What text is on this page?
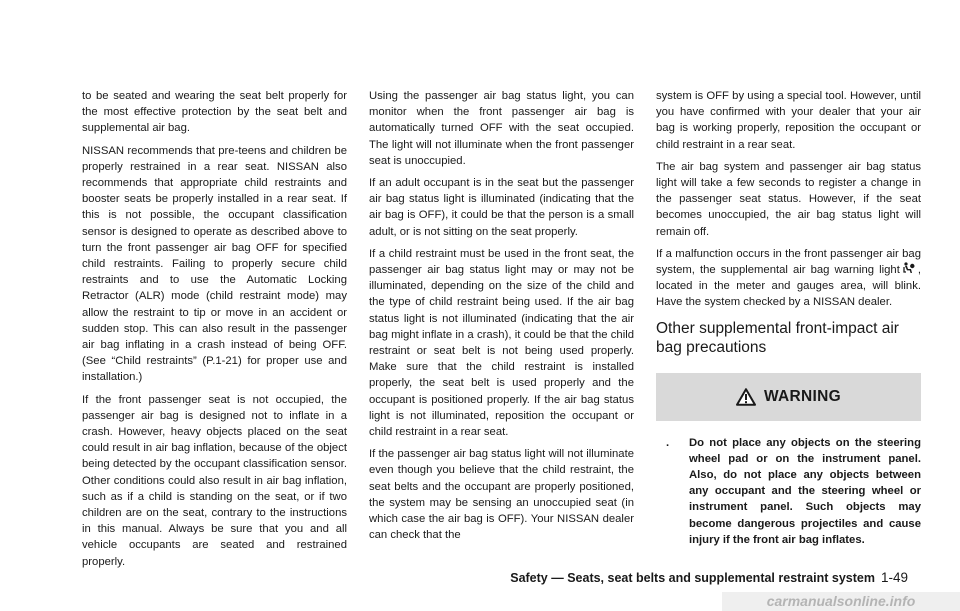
to be seated and wearing the seat belt properly for the most effective protection by the seat belt and supplemental air bag.

NISSAN recommends that pre-teens and children be properly restrained in a rear seat. NISSAN also recommends that appropriate child restraints and booster seats be properly installed in a rear seat. If this is not possible, the occupant classification sensor is designed to operate as described above to turn the front passenger air bag OFF for specified child restraints. Failing to properly secure child restraints and to use the Automatic Locking Retractor (ALR) mode (child restraint mode) may allow the restraint to tip or move in an accident or sudden stop. This can also result in the passenger air bag inflating in a crash instead of being OFF. (See “Child restraints” (P.1-21) for proper use and installation.)

If the front passenger seat is not occupied, the passenger air bag is designed not to inflate in a crash. However, heavy objects placed on the seat could result in air bag inflation, because of the object being detected by the occupant classification sensor. Other conditions could also result in air bag inflation, such as if a child is standing on the seat, or if two children are on the seat, contrary to the instructions in this manual. Always be sure that you and all vehicle occupants are seated and restrained properly.

Using the passenger air bag status light, you can monitor when the front passenger air bag is automatically turned OFF with the seat occupied. The light will not illuminate when the front passenger seat is unoccupied.

If an adult occupant is in the seat but the passenger air bag status light is illuminated (indicating that the air bag is OFF), it could be that the person is a small adult, or is not sitting on the seat properly.

If a child restraint must be used in the front seat, the passenger air bag status light may or may not be illuminated, depending on the size of the child and the type of child restraint being used. If the air bag status light is not illuminated (indicating that the air bag might inflate in a crash), it could be that the child restraint or seat belt is not being used properly. Make sure that the child restraint is installed properly, the seat belt is used properly and the occupant is positioned properly. If the air bag status light is not illuminated, reposition the occupant or child restraint in a rear seat.

If the passenger air bag status light will not illuminate even though you believe that the child restraint, the seat belts and the occupant are properly positioned, the system may be sensing an unoccupied seat (in which case the air bag is OFF). Your NISSAN dealer can check that the

system is OFF by using a special tool. However, until you have confirmed with your dealer that your air bag is working properly, reposition the occupant or child restraint in a rear seat.

The air bag system and passenger air bag status light will take a few seconds to register a change in the passenger seat status. However, if the seat becomes unoccupied, the air bag status light will remain off.

If a malfunction occurs in the front passenger air bag system, the supplemental air bag warning light , located in the meter and gauges area, will blink. Have the system checked by a NISSAN dealer.

Other supplemental front-impact air bag precautions
WARNING
.	Do not place any objects on the steering wheel pad or on the instrument panel. Also, do not place any objects between any occupant and the steering wheel or instrument panel. Such objects may become dangerous projectiles and cause injury if the front air bag inflates.
Safety — Seats, seat belts and supplemental restraint system 1-49
carmanualsonline.info
